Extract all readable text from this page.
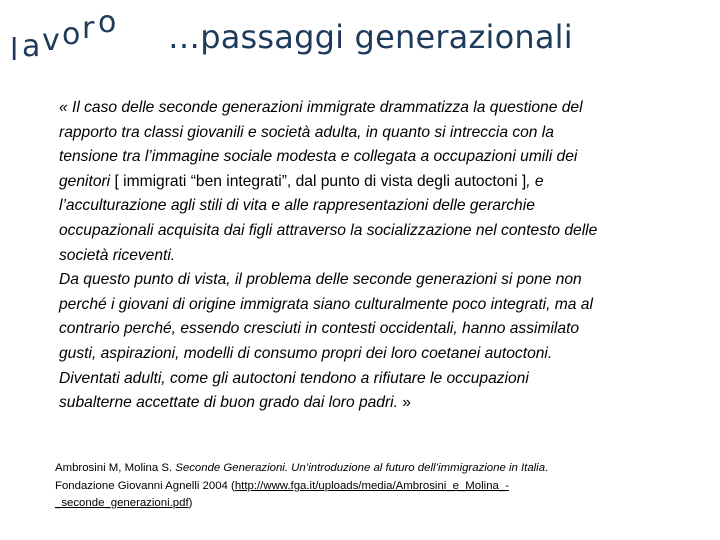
l a v o r o …passaggi generazionali
« Il caso delle seconde generazioni immigrate drammatizza la questione del
rapporto tra classi giovanili e società adulta, in quanto si intreccia con la
tensione tra l’immagine sociale modesta e collegata a occupazioni umili dei
genitori [ immigrati “ben integrati”, dal punto di vista degli autoctoni ], e
l’acculturazione agli stili di vita e alle rappresentazioni delle gerarchie
occupazionali acquisita dai figli attraverso la socializzazione nel contesto delle
società riceventi.
Da questo punto di vista, il problema delle seconde generazioni si pone non
perché i giovani di origine immigrata siano culturalmente poco integrati, ma al
contrario perché, essendo cresciuti in contesti occidentali, hanno assimilato
gusti, aspirazioni, modelli di consumo propri dei loro coetanei autoctoni.
Diventati adulti, come gli autoctoni tendono a rifiutare le occupazioni
subalterne accettate di buon grado dai loro padri. »
Ambrosini M, Molina S. Seconde Generazioni. Un’introduzione al futuro dell’immigrazione in Italia.
Fondazione Giovanni Agnelli 2004 (http://www.fga.it/uploads/media/Ambrosini_e_Molina_-
_seconde_generazioni.pdf)
